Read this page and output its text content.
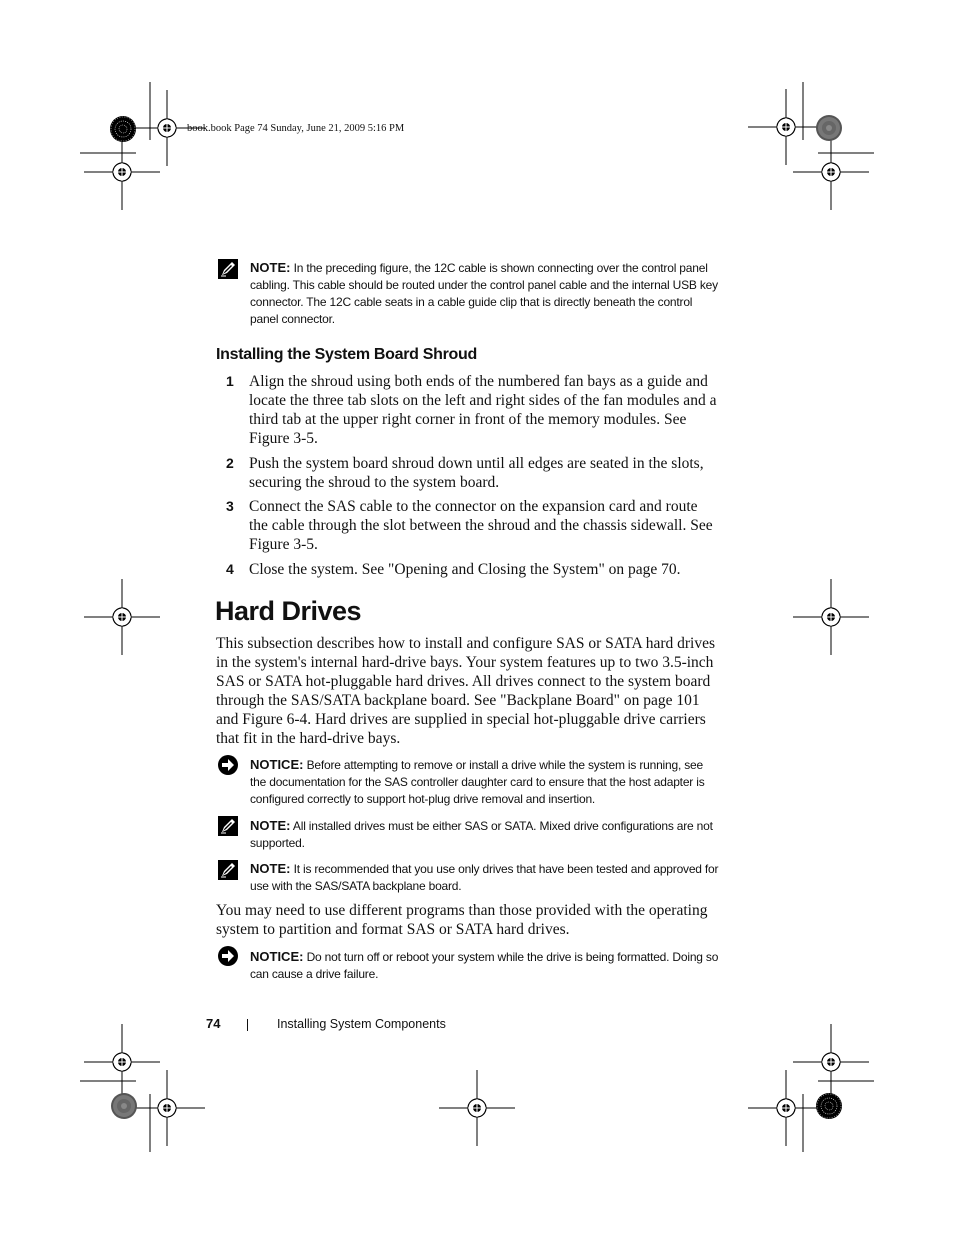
book.book Page 74 Sunday, June 21, 2009 5:16 PM
NOTE: In the preceding figure, the 12C cable is shown connecting over the control panel cabling. This cable should be routed under the control panel cable and the internal USB key connector. The 12C cable seats in a cable guide clip that is directly beneath the control panel connector.
Installing the System Board Shroud
1 Align the shroud using both ends of the numbered fan bays as a guide and locate the three tab slots on the left and right sides of the fan modules and a third tab at the upper right corner in front of the memory modules. See Figure 3-5.
2 Push the system board shroud down until all edges are seated in the slots, securing the shroud to the system board.
3 Connect the SAS cable to the connector on the expansion card and route the cable through the slot between the shroud and the chassis sidewall. See Figure 3-5.
4 Close the system. See "Opening and Closing the System" on page 70.
Hard Drives
This subsection describes how to install and configure SAS or SATA hard drives in the system's internal hard-drive bays. Your system features up to two 3.5-inch SAS or SATA hot-pluggable hard drives. All drives connect to the system board through the SAS/SATA backplane board. See "Backplane Board" on page 101 and Figure 6-4. Hard drives are supplied in special hot-pluggable drive carriers that fit in the hard-drive bays.
NOTICE: Before attempting to remove or install a drive while the system is running, see the documentation for the SAS controller daughter card to ensure that the host adapter is configured correctly to support hot-plug drive removal and insertion.
NOTE: All installed drives must be either SAS or SATA. Mixed drive configurations are not supported.
NOTE: It is recommended that you use only drives that have been tested and approved for use with the SAS/SATA backplane board.
You may need to use different programs than those provided with the operating system to partition and format SAS or SATA hard drives.
NOTICE: Do not turn off or reboot your system while the drive is being formatted. Doing so can cause a drive failure.
74	Installing System Components
